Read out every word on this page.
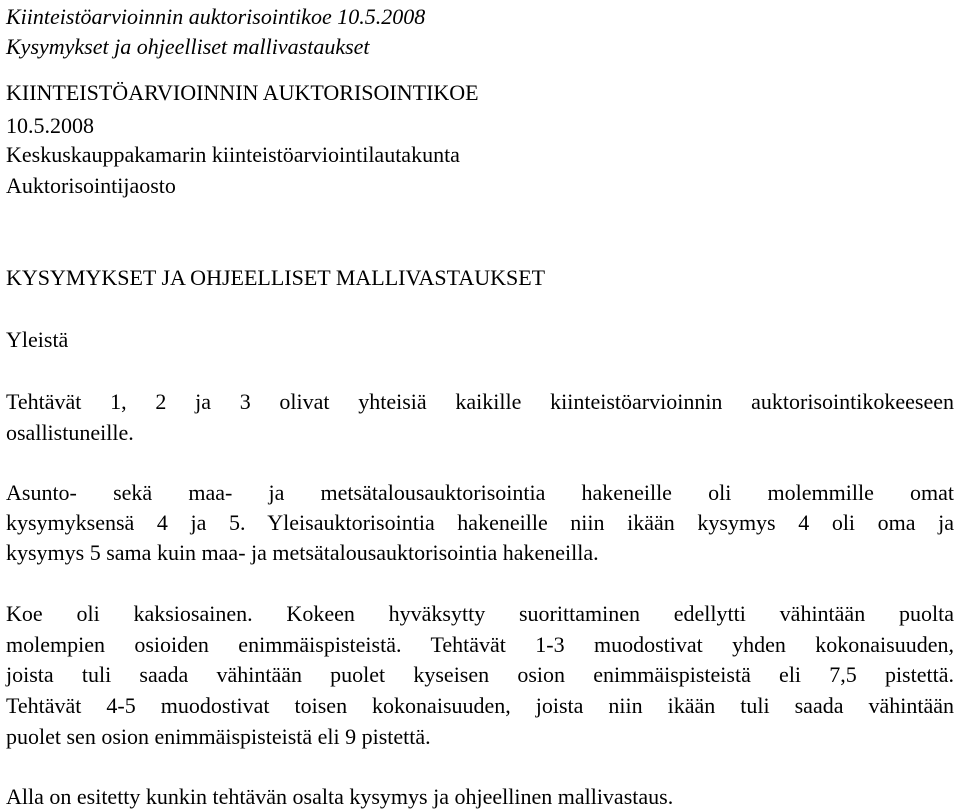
Kiinteistöarvioinnin auktorisointikoe 10.5.2008
Kysymykset ja ohjeelliset mallivastaukset
KIINTEISTÖARVIOINNIN AUKTORISOINTIKOE
10.5.2008
Keskuskauppakamarin kiinteistöarviointilautakunta
Auktorisointijaosto
KYSYMYKSET JA OHJEELLISET MALLIVASTAUKSET
Yleistä
Tehtävät 1, 2 ja 3 olivat yhteisiä kaikille kiinteistöarvioinnin auktorisointikokeeseen
osallistuneille.
Asunto- sekä maa- ja metsätalousauktorisointia hakeneille oli molemmille omat
kysymyksensä 4 ja 5. Yleisauktorisointia hakeneille niin ikään kysymys 4 oli oma ja
kysymys 5 sama kuin maa- ja metsätalousauktorisointia hakeneilla.
Koe oli kaksiosainen. Kokeen hyväksytty suorittaminen edellytti vähintään puolta
molempien osioiden enimmäispisteistä. Tehtävät 1-3 muodostivat yhden kokonaisuuden,
joista tuli saada vähintään puolet kyseisen osion enimmäispisteistä eli 7,5 pistettä.
Tehtävät 4-5 muodostivat toisen kokonaisuuden, joista niin ikään tuli saada vähintään
puolet sen osion enimmäispisteistä eli 9 pistettä.
Alla on esitetty kunkin tehtävän osalta kysymys ja ohjeellinen mallivastaus.
